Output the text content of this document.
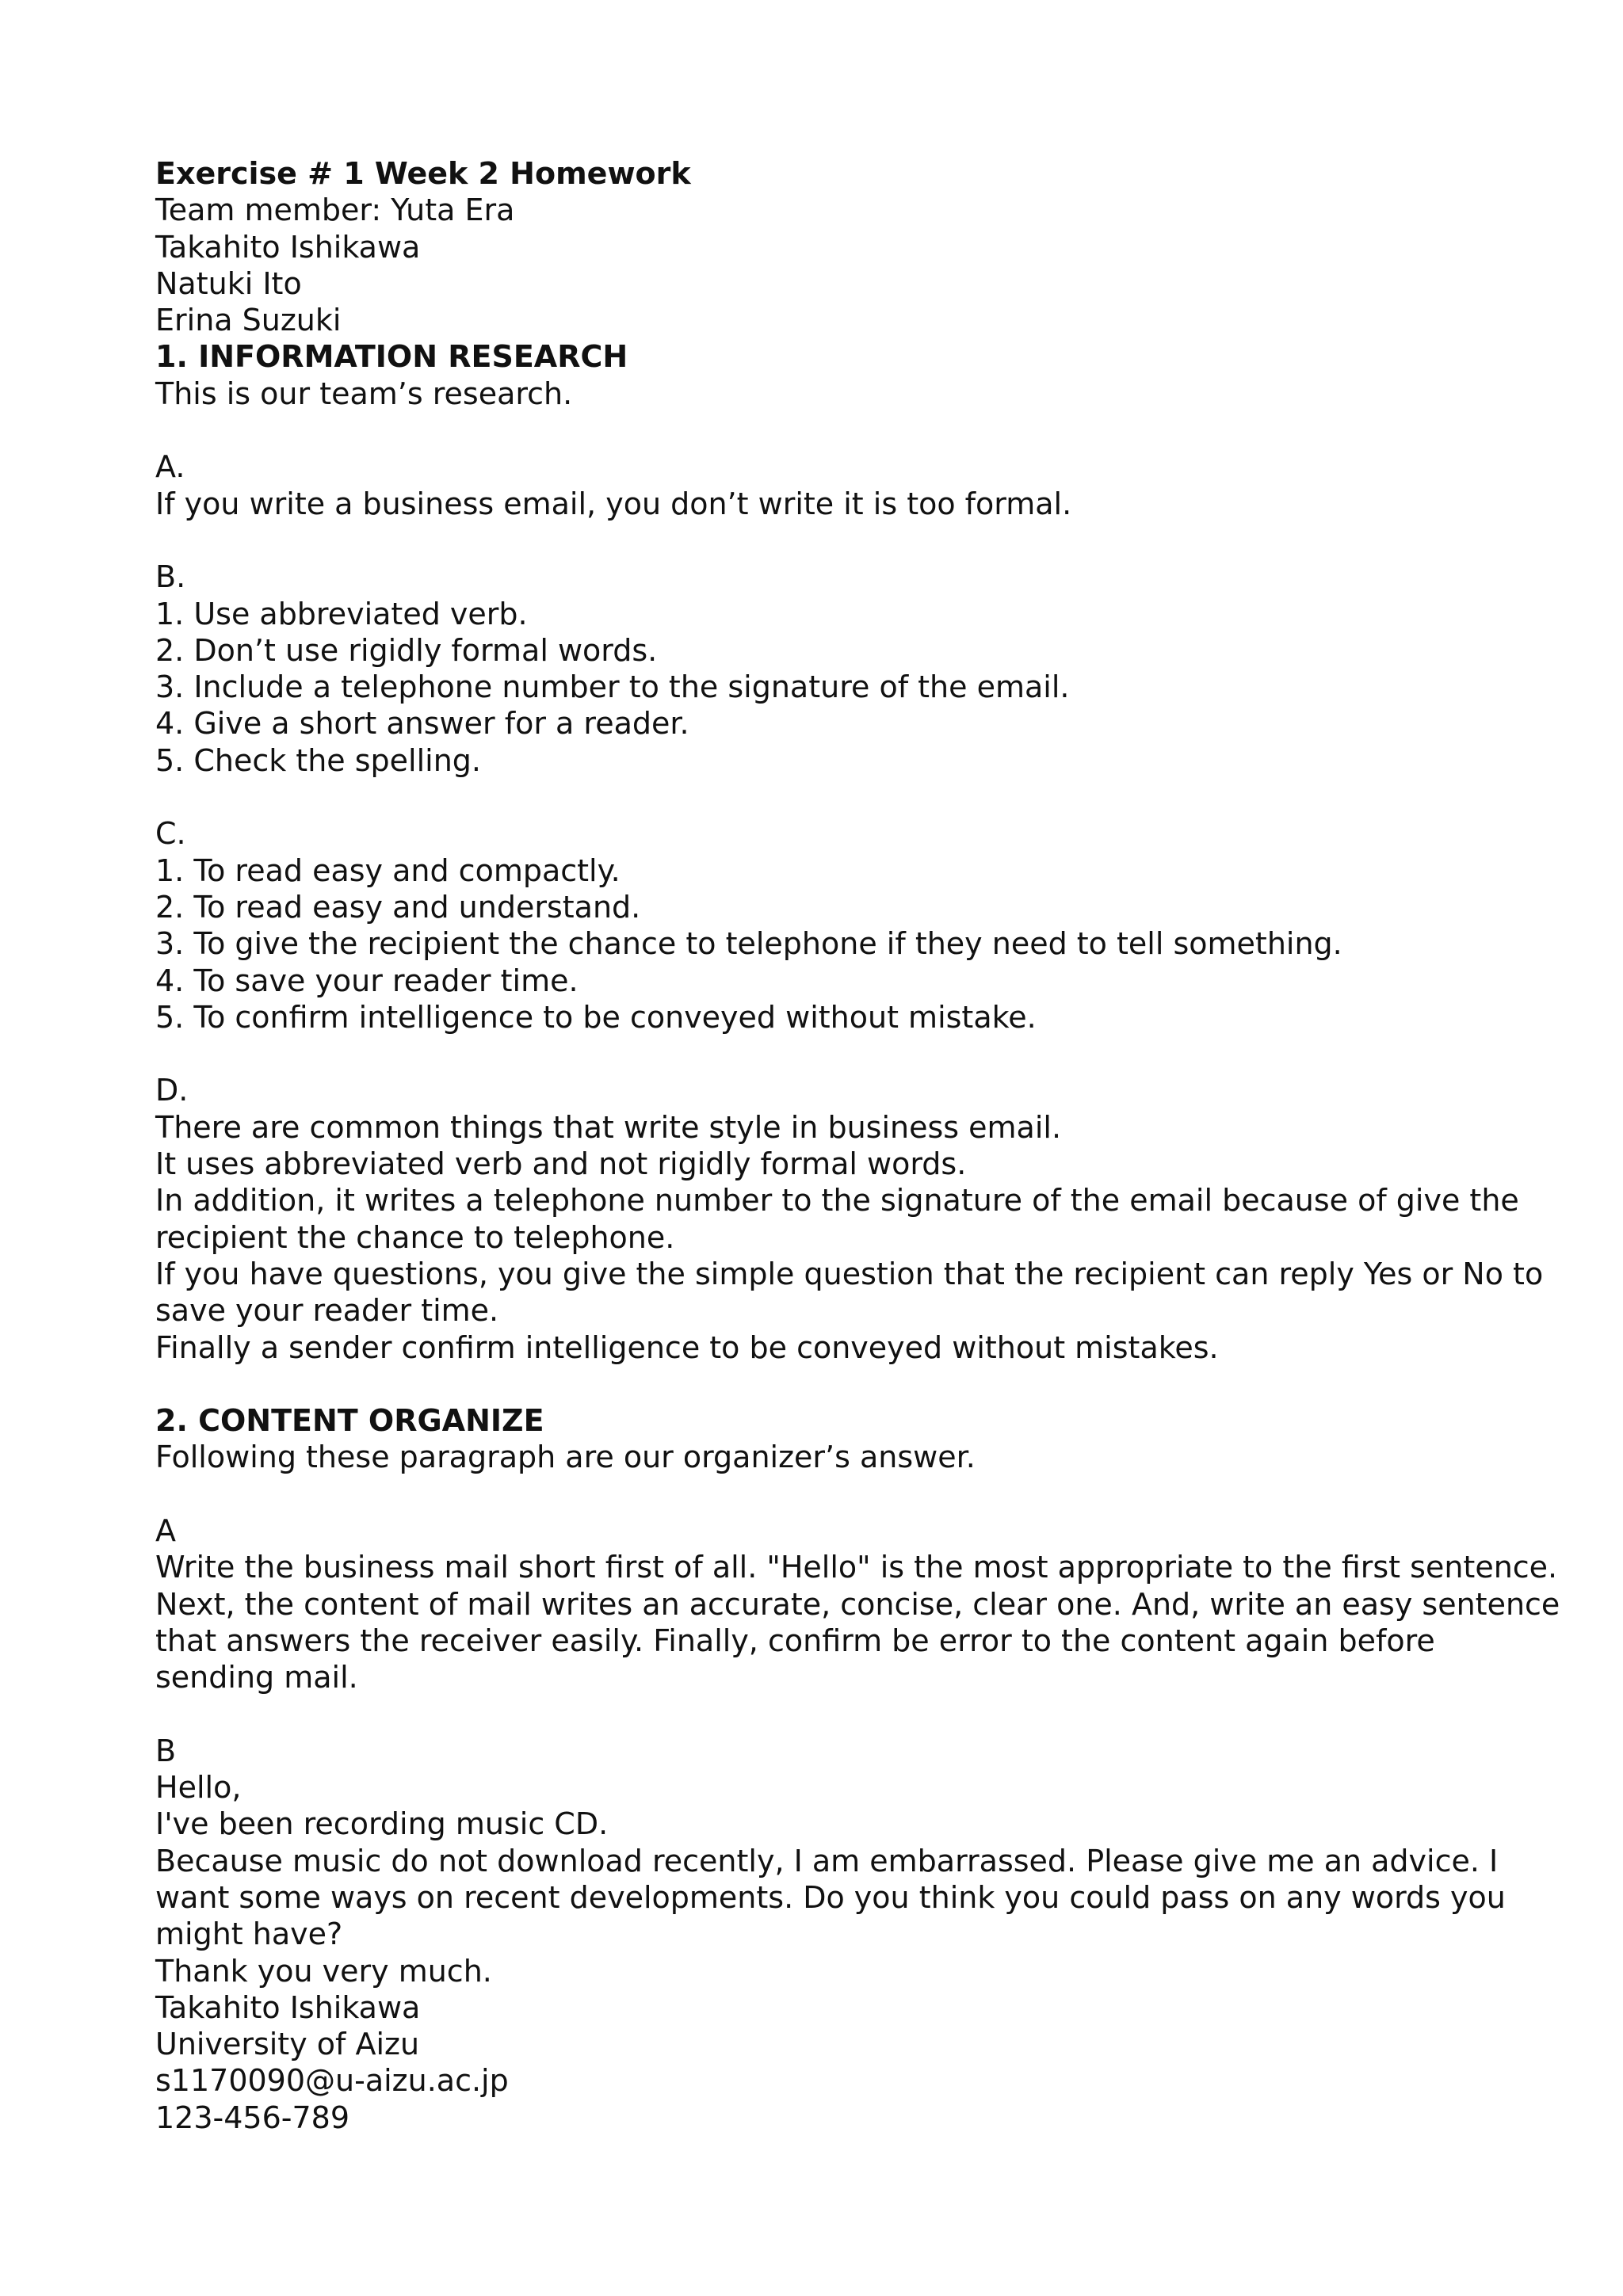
Exercise # 1 Week 2 Homework
Team member: Yuta Era
Takahito Ishikawa
Natuki Ito
Erina Suzuki
1. INFORMATION RESEARCH
This is our team’s research.
A.
If you write a business email, you don’t write it is too formal.
B.
1. Use abbreviated verb.
2. Don’t use rigidly formal words.
3. Include a telephone number to the signature of the email.
4. Give a short answer for a reader.
5. Check the spelling.
C.
1. To read easy and compactly.
2. To read easy and understand.
3. To give the recipient the chance to telephone if they need to tell something.
4. To save your reader time.
5. To confirm intelligence to be conveyed without mistake.
D.
There are common things that write style in business email.
It uses abbreviated verb and not rigidly formal words.
In addition, it writes a telephone number to the signature of the email because of give the
recipient the chance to telephone.
If you have questions, you give the simple question that the recipient can reply Yes or No to
save your reader time.
Finally a sender confirm intelligence to be conveyed without mistakes.
2. CONTENT ORGANIZE
Following these paragraph are our organizer’s answer.
A
Write the business mail short first of all. "Hello" is the most appropriate to the first sentence.
Next, the content of mail writes an accurate, concise, clear one. And, write an easy sentence
that answers the receiver easily. Finally, confirm be error to the content again before
sending mail.
B
Hello,
I've been recording music CD.
Because music do not download recently, I am embarrassed. Please give me an advice. I
want some ways on recent developments. Do you think you could pass on any words you
might have?
Thank you very much.
Takahito Ishikawa
University of Aizu
s1170090@u-aizu.ac.jp
123-456-789
